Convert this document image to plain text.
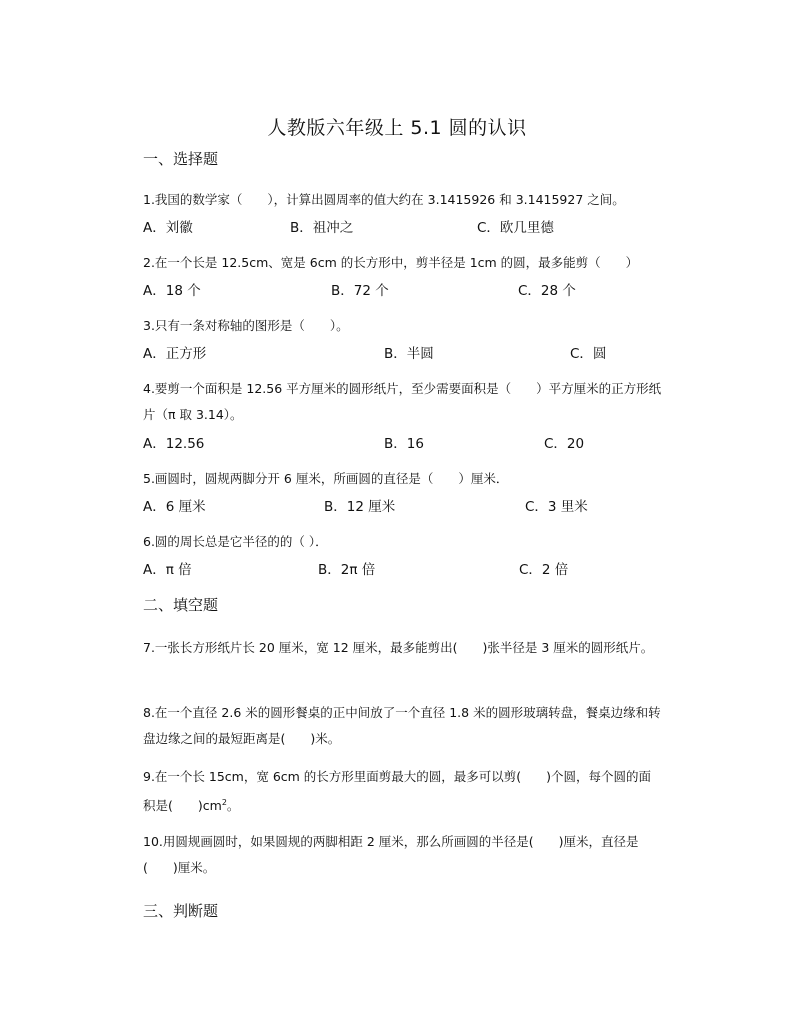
人教版六年级上 5.1 圆的认识
一、选择题
1.我国的数学家（　　），计算出圆周率的值大约在 3.1415926 和 3.1415927 之间。
A．刘徽	B．祖冲之	C．欧几里德
2.在一个长是 12.5cm、宽是 6cm 的长方形中，剪半径是 1cm 的圆，最多能剪（　　）
A．18 个	B．72 个	C．28 个
3.只有一条对称轴的图形是（　　）。
A．正方形	B．半圆	C．圆
4.要剪一个面积是 12.56 平方厘米的圆形纸片，至少需要面积是（　　）平方厘米的正方形纸片（π 取 3.14）。
A．12.56	B．16	C．20
5.画圆时，圆规两脚分开 6 厘米，所画圆的直径是（　　）厘米．
A．6 厘米	B．12 厘米	C．3 里米
6.圆的周长总是它半径的的（ ）．
A．π 倍	B．2π 倍	C．2 倍
二、填空题
7.一张长方形纸片长 20 厘米，宽 12 厘米，最多能剪出(　　)张半径是 3 厘米的圆形纸片。
8.在一个直径 2.6 米的圆形餐桌的正中间放了一个直径 1.8 米的圆形玻璃转盘，餐桌边缘和转盘边缘之间的最短距离是(　　)米。
9.在一个长 15cm，宽 6cm 的长方形里面剪最大的圆，最多可以剪(　　)个圆，每个圆的面积是(　　)$cm^2$。
10.用圆规画圆时，如果圆规的两脚相距 2 厘米，那么所画圆的半径是(　　)厘米，直径是(　　)厘米。
三、判断题
